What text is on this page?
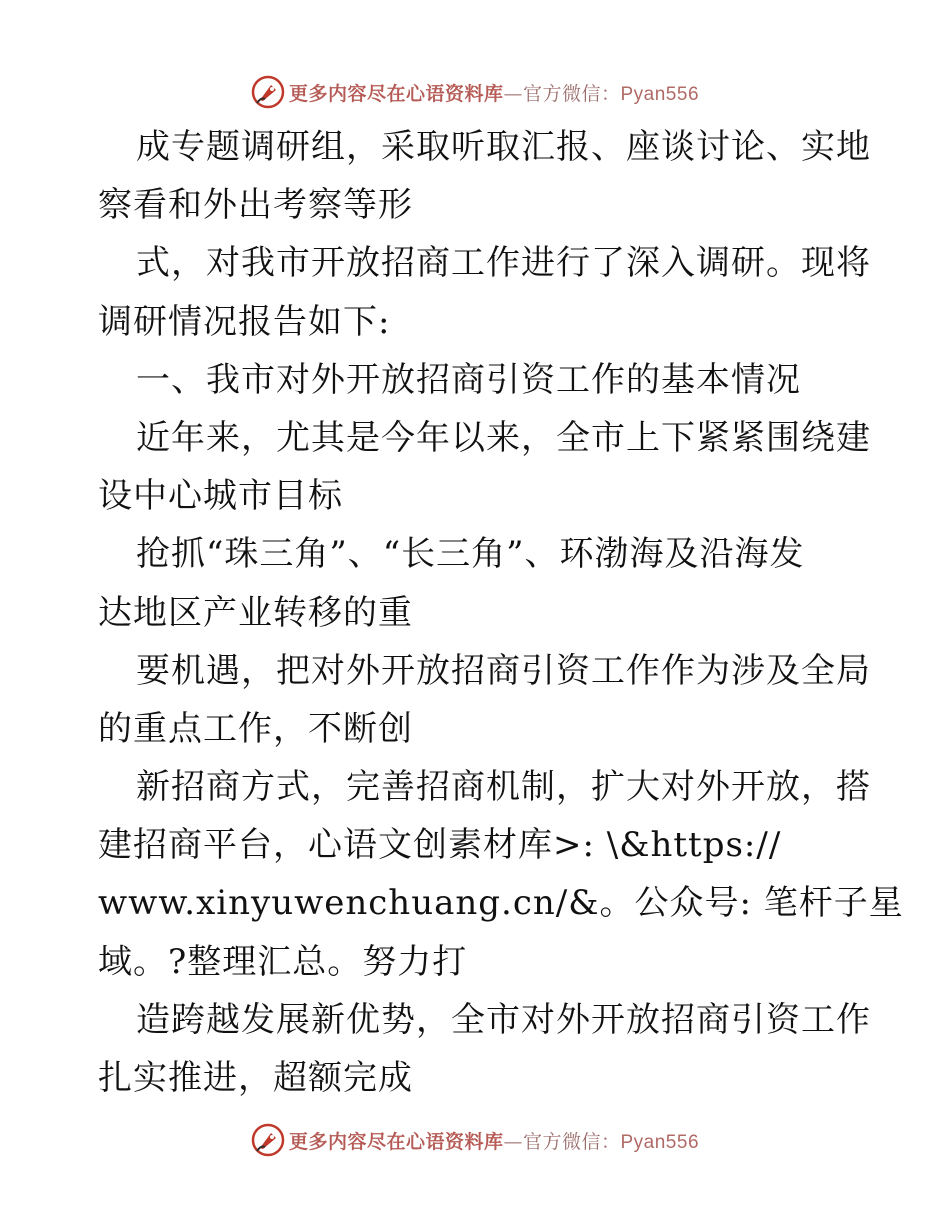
更多内容尽在心语资料库—官方微信：Pyan556
成专题调研组，采取听取汇报、座谈讨论、实地
察看和外出考察等形
式，对我市开放招商工作进行了深入调研。现将
调研情况报告如下:
一、我市对外开放招商引资工作的基本情况
近年来，尤其是今年以来，全市上下紧紧围绕建
设中心城市目标
抢抓“珠三角”、“长三角”、环渤海及沿海发
达地区产业转移的重
要机遇，把对外开放招商引资工作作为涉及全局
的重点工作，不断创
新招商方式，完善招商机制，扩大对外开放，搭
建招商平台，心语文创素材库>: \&https://
www.xinyuwenchuang.cn/&。公众号: 笔杆子星
域。?整理汇总。努力打
造跨越发展新优势，全市对外开放招商引资工作
扎实推进，超额完成
更多内容尽在心语资料库—官方微信：Pyan556
